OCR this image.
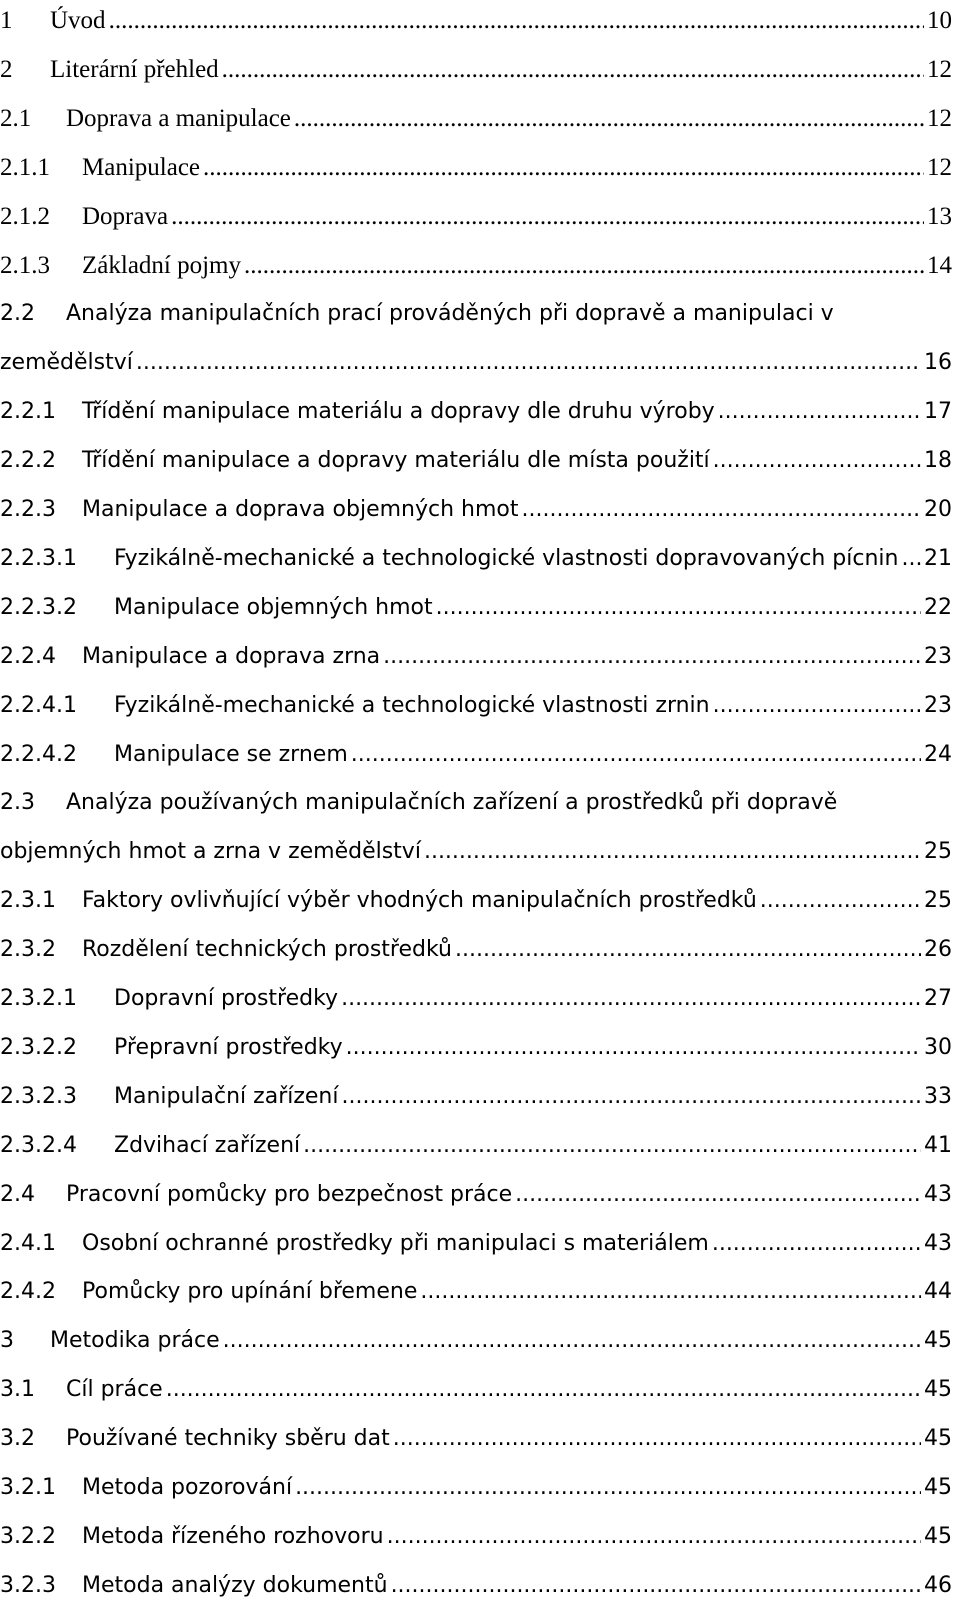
1	Úvod .....	10
2	Literární přehled .....	12
2.1	Doprava a manipulace .....	12
2.1.1	Manipulace .....	12
2.1.2	Doprava .....	13
2.1.3	Základní pojmy .....	14
2.2	Analýza manipulačních prací prováděných při dopravě a manipulaci v
zemědělství .....	16
2.2.1	Třídění manipulace materiálu a dopravy dle druhu výroby .....	17
2.2.2	Třídění manipulace a dopravy materiálu dle místa použití .....	18
2.2.3	Manipulace a doprava objemných hmot .....	20
2.2.3.1	Fyzikálně-mechanické a technologické vlastnosti dopravovaných pícnin ..... 21
2.2.3.2	Manipulace objemných hmot .....	22
2.2.4	Manipulace a doprava zrna .....	23
2.2.4.1	Fyzikálně-mechanické a technologické vlastnosti zrnin .....	23
2.2.4.2	Manipulace se zrnem .....	24
2.3	Analýza používaných manipulačních zařízení a prostředků při dopravě
objemných hmot a zrna v zemědělství .....	25
2.3.1	Faktory ovlivňující výběr vhodných manipulačních prostředků .....	25
2.3.2	Rozdělení technických prostředků .....	26
2.3.2.1	Dopravní prostředky .....	27
2.3.2.2	Přepravní prostředky .....	30
2.3.2.3	Manipulační zařízení .....	33
2.3.2.4	Zdvihací zařízení .....	41
2.4	Pracovní pomůcky pro bezpečnost práce .....	43
2.4.1	Osobní ochranné prostředky při manipulaci s materiálem .....	43
2.4.2	Pomůcky pro upínání břemene .....	44
3	Metodika práce .....	45
3.1	Cíl práce .....	45
3.2	Používané techniky sběru dat .....	45
3.2.1	Metoda pozorování .....	45
3.2.2	Metoda řízeného rozhovoru .....	45
3.2.3	Metoda analýzy dokumentů .....	46
